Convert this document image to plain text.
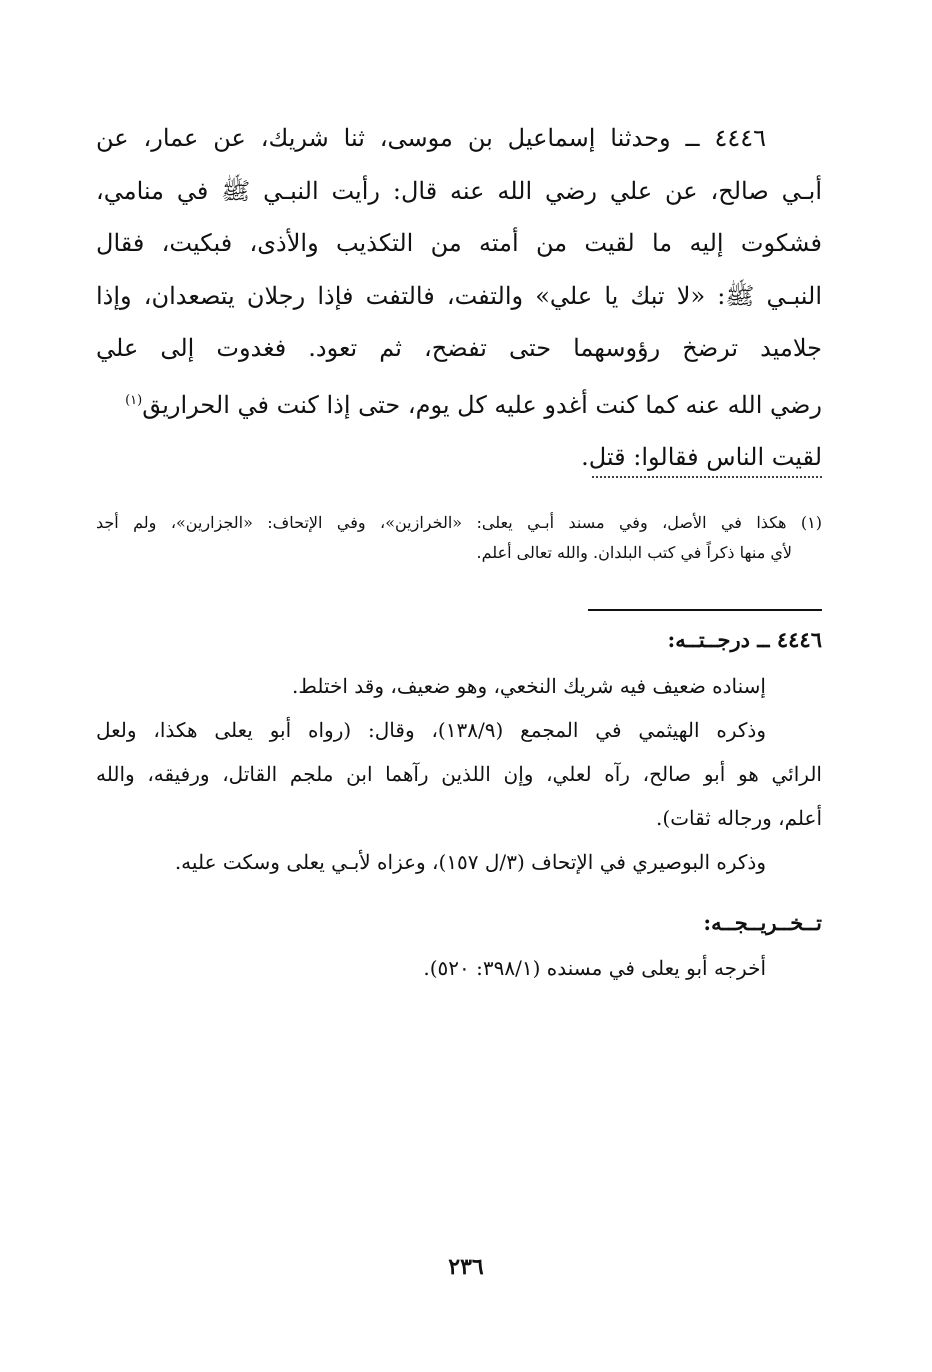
٤٤٤٦ ــ وحدثنا إسماعيل بن موسى، ثنا شريك، عن عمار، عن
أبـي صالح، عن علي رضي الله عنه قال: رأيت النبـي ﷺ في منامي،
فشكوت إليه ما لقيت من أمته من التكذيب والأذى، فبكيت، فقال
النبـي ﷺ: «لا تبك يا علي» والتفت، فالتفت فإذا رجلان يتصعدان، وإذا
جلاميد ترضخ رؤوسهما حتى تفضح، ثم تعود. فغدوت إلى علي
رضي الله عنه كما كنت أغدو عليه كل يوم، حتى إذا كنت في الحراريق$^{(١)}$
لقيت الناس فقالوا: قتل.
(١) هكذا في الأصل، وفي مسند أبـي يعلى: «الخرازين»، وفي الإتحاف: «الجزارين»، ولم أجد
لأي منها ذكراً في كتب البلدان. والله تعالى أعلم.
٤٤٤٦ ــ درجــتــه:
إسناده ضعيف فيه شريك النخعي، وهو ضعيف، وقد اختلط.
وذكره الهيثمي في المجمع (١٣٨/٩)، وقال: (رواه أبو يعلى هكذا، ولعل
الرائي هو أبو صالح، رآه لعلي، وإن اللذين رآهما ابن ملجم القاتل، ورفيقه، والله
أعلم، ورجاله ثقات).
وذكره البوصيري في الإتحاف (٣/ل ١٥٧)، وعزاه لأبـي يعلى وسكت عليه.
تــخــريــجــه:
أخرجه أبو يعلى في مسنده (٣٩٨/١: ٥٢٠).
٢٣٦
